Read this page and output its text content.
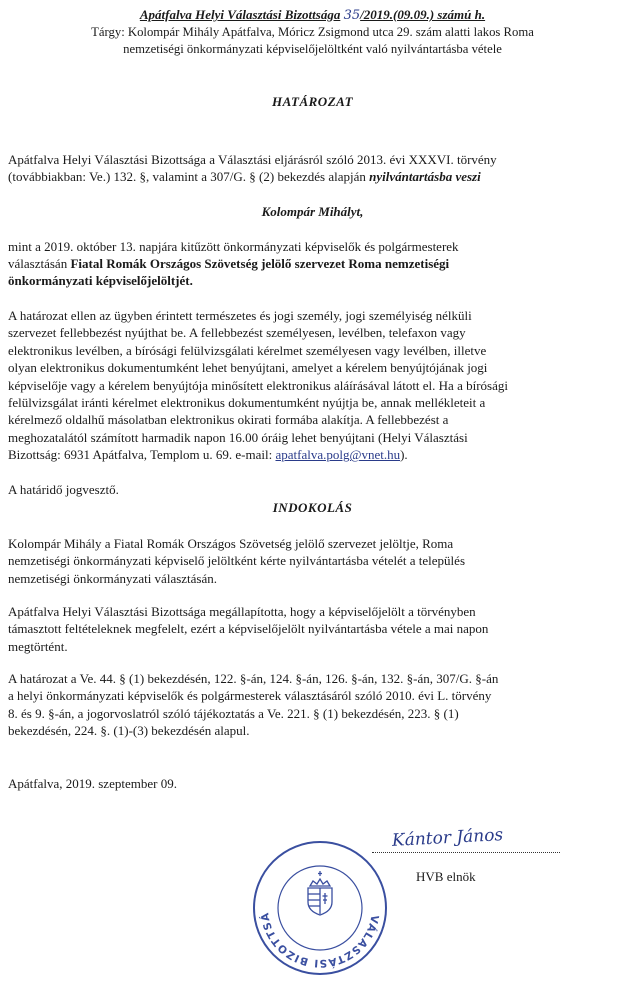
Apátfalva Helyi Választási Bizottsága 35/2019.(09.09.) számú h.
Tárgy: Kolompár Mihály Apátfalva, Móricz Zsigmond utca 29. szám alatti lakos Roma
nemzetiségi önkormányzati képviselőjelöltként való nyilvántartásba vétele
HATÁROZAT
Apátfalva Helyi Választási Bizottsága a Választási eljárásról szóló 2013. évi XXXVI. törvény
(továbbiakban: Ve.) 132. §, valamint a 307/G. § (2) bekezdés alapján nyilvántartásba veszi
Kolompár Mihályt,
mint a 2019. október 13. napjára kitűzött önkormányzati képviselők és polgármesterek
választásán Fiatal Romák Országos Szövetség jelölő szervezet Roma nemzetiségi
önkormányzati képviselőjelöltjét.
A határozat ellen az ügyben érintett természetes és jogi személy, jogi személyiség nélküli
szervezet fellebbezést nyújthat be. A fellebbezést személyesen, levélben, telefaxon vagy
elektronikus levélben, a bírósági felülvizsgálati kérelmet személyesen vagy levélben, illetve
olyan elektronikus dokumentumként lehet benyújtani, amelyet a kérelem benyújtójának jogi
képviselője vagy a kérelem benyújtója minősített elektronikus aláírásával látott el. Ha a bírósági
felülvizsgálat iránti kérelmet elektronikus dokumentumként nyújtja be, annak mellékleteit a
kérelmező oldalhű másolatban elektronikus okirati formába alakítja. A fellebbezést a
meghozatalától számított harmadik napon 16.00 óráig lehet benyújtani (Helyi Választási
Bizottság: 6931 Apátfalva, Templom u. 69. e-mail: apatfalva.polg@vnet.hu).
A határidő jogvesztő.
INDOKOLÁS
Kolompár Mihály a Fiatal Romák Országos Szövetség jelölő szervezet jelöltje, Roma
nemzetiségi önkormányzati képviselő jelöltként kérte nyilvántartásba vételét a település
nemzetiségi önkormányzati választásán.
Apátfalva Helyi Választási Bizottsága megállapította, hogy a képviselőjelölt a törvényben
támasztott feltételeknek megfelelt, ezért a képviselőjelölt nyilvántartásba vétele a mai napon
megtörtént.
A határozat a Ve. 44. § (1) bekezdésén, 122. §-án, 124. §-án, 126. §-án, 132. §-án, 307/G. §-án
a helyi önkormányzati képviselők és polgármesterek választásáról szóló 2010. évi L. törvény
8. és 9. §-án, a jogorvoslatról szóló tájékoztatás a Ve. 221. § (1) bekezdésén, 223. § (1)
bekezdésén, 224. §. (1)-(3) bekezdésén alapul.
Apátfalva, 2019. szeptember 09.
Kántor János
HVB elnök
VÁLASZTÁSI BIZOTTSÁ
